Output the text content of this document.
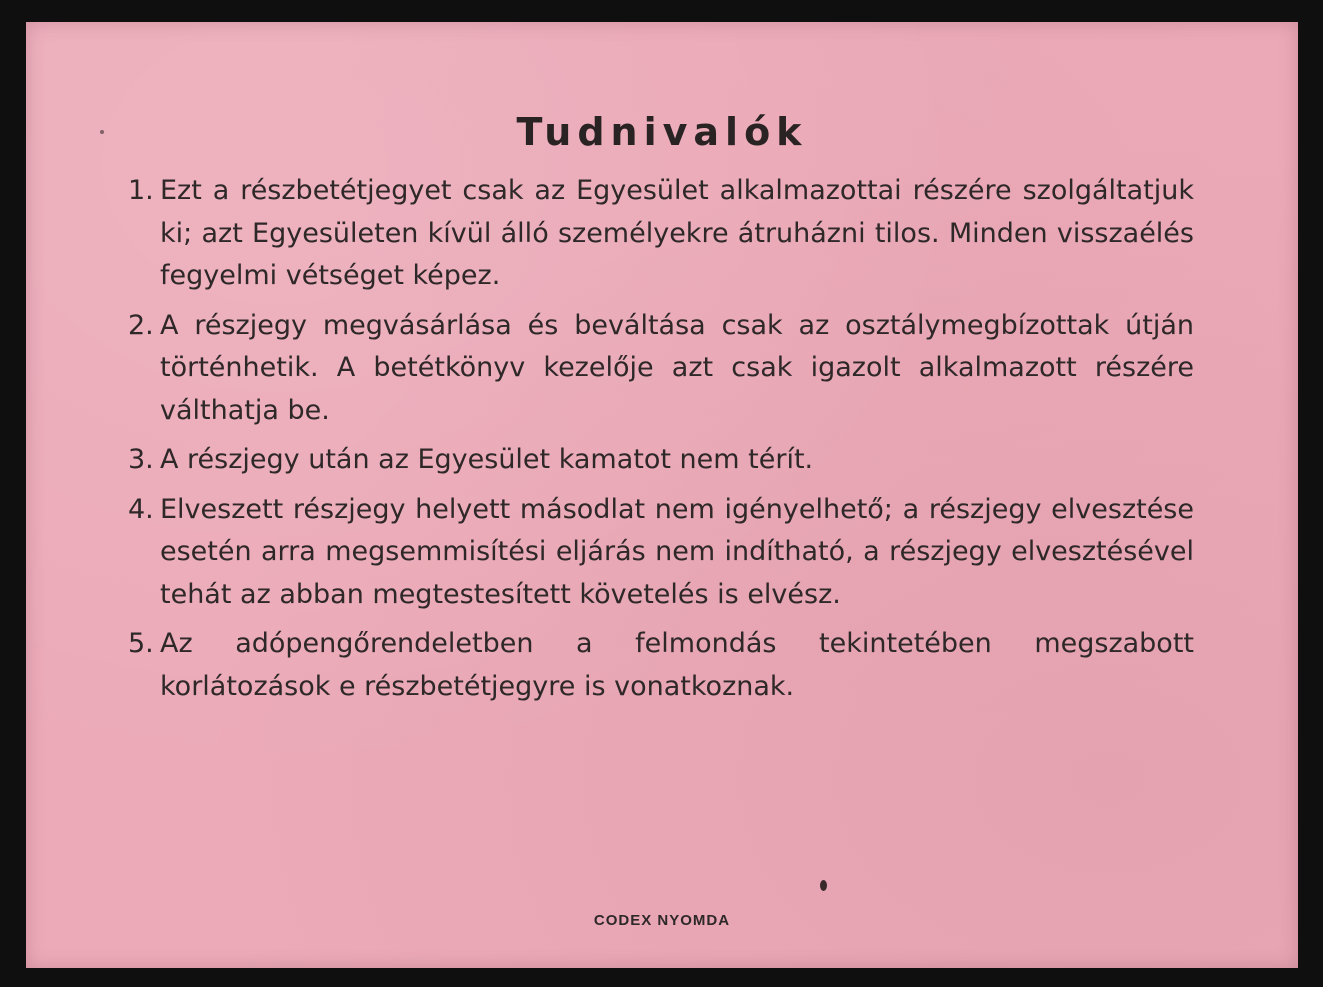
Tudnivalók
1. Ezt a részbetétjegyet csak az Egyesület alkalmazottai részére szolgáltatjuk ki; azt Egyesületen kívül álló személyekre átruházni tilos. Minden visszaélés fegyelmi vétséget képez.
2. A részjegy megvásárlása és beváltása csak az osztálymegbízottak útján történhetik. A betétkönyv kezelője azt csak igazolt alkalmazott részére válthatja be.
3. A részjegy után az Egyesület kamatot nem térít.
4. Elveszett részjegy helyett másodlat nem igényelhető; a részjegy elvesztése esetén arra megsemmisítési eljárás nem indítható, a részjegy elvesztésével tehát az abban megtestesített követelés is elvész.
5. Az adópengőrendeletben a felmondás tekintetében megszabott korlátozások e részbetétjegyre is vonatkoznak.
CODEX NYOMDA
